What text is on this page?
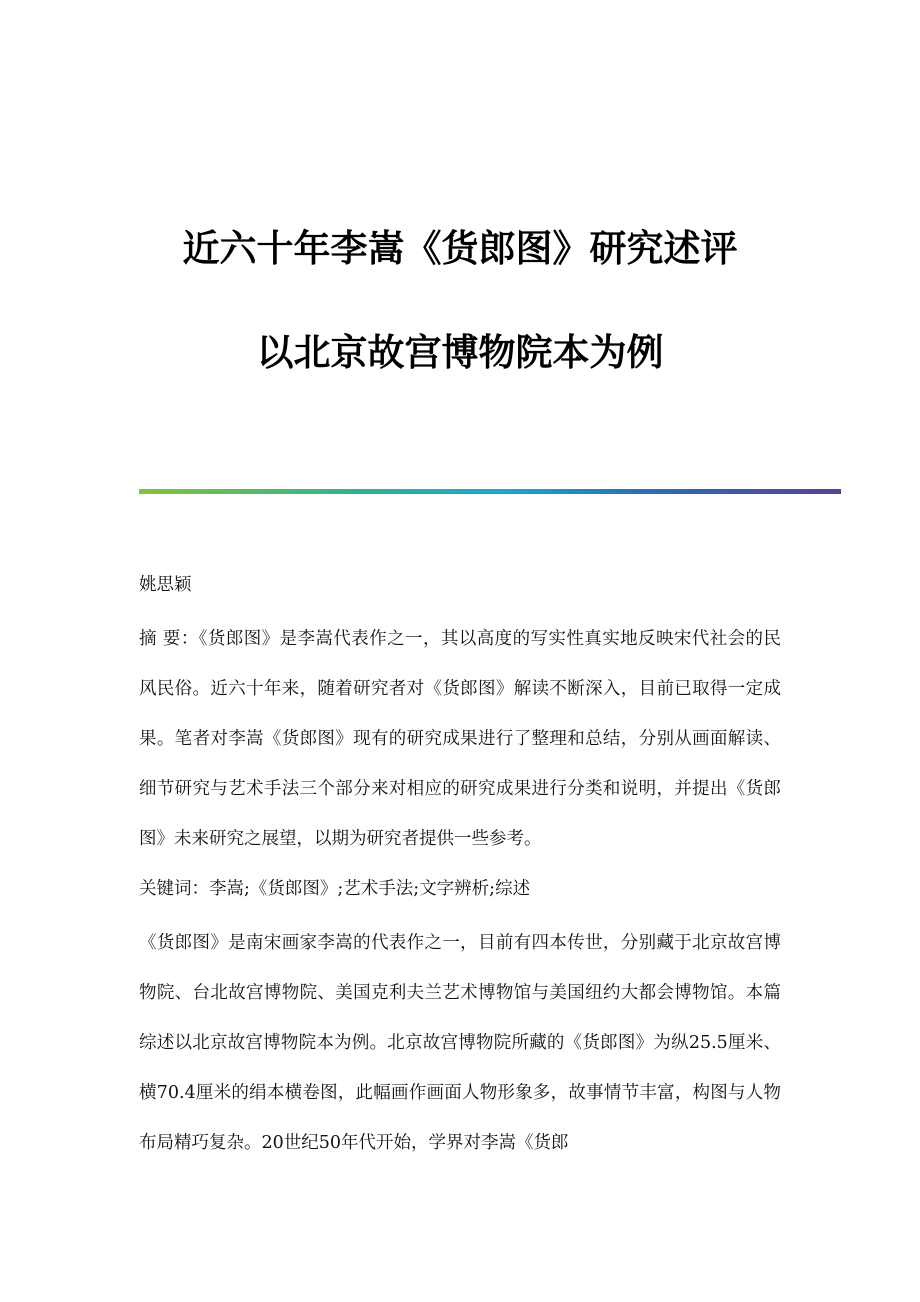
近六十年李嵩《货郎图》研究述评
以北京故宫博物院本为例
姚思颖
摘 要：《货郎图》是李嵩代表作之一，其以高度的写实性真实地反映宋代社会的民风民俗。近六十年来，随着研究者对《货郎图》解读不断深入，目前已取得一定成果。笔者对李嵩《货郎图》现有的研究成果进行了整理和总结，分别从画面解读、细节研究与艺术手法三个部分来对相应的研究成果进行分类和说明，并提出《货郎图》未来研究之展望，以期为研究者提供一些参考。
关键词：李嵩;《货郎图》;艺术手法;文字辨析;综述
《货郎图》是南宋画家李嵩的代表作之一，目前有四本传世，分别藏于北京故宫博物院、台北故宫博物院、美国克利夫兰艺术博物馆与美国纽约大都会博物馆。本篇综述以北京故宫博物院本为例。北京故宫博物院所藏的《货郎图》为纵25.5厘米、横70.4厘米的绢本横卷图，此幅画作画面人物形象多，故事情节丰富，构图与人物布局精巧复杂。20世纪50年代开始，学界对李嵩《货郎
